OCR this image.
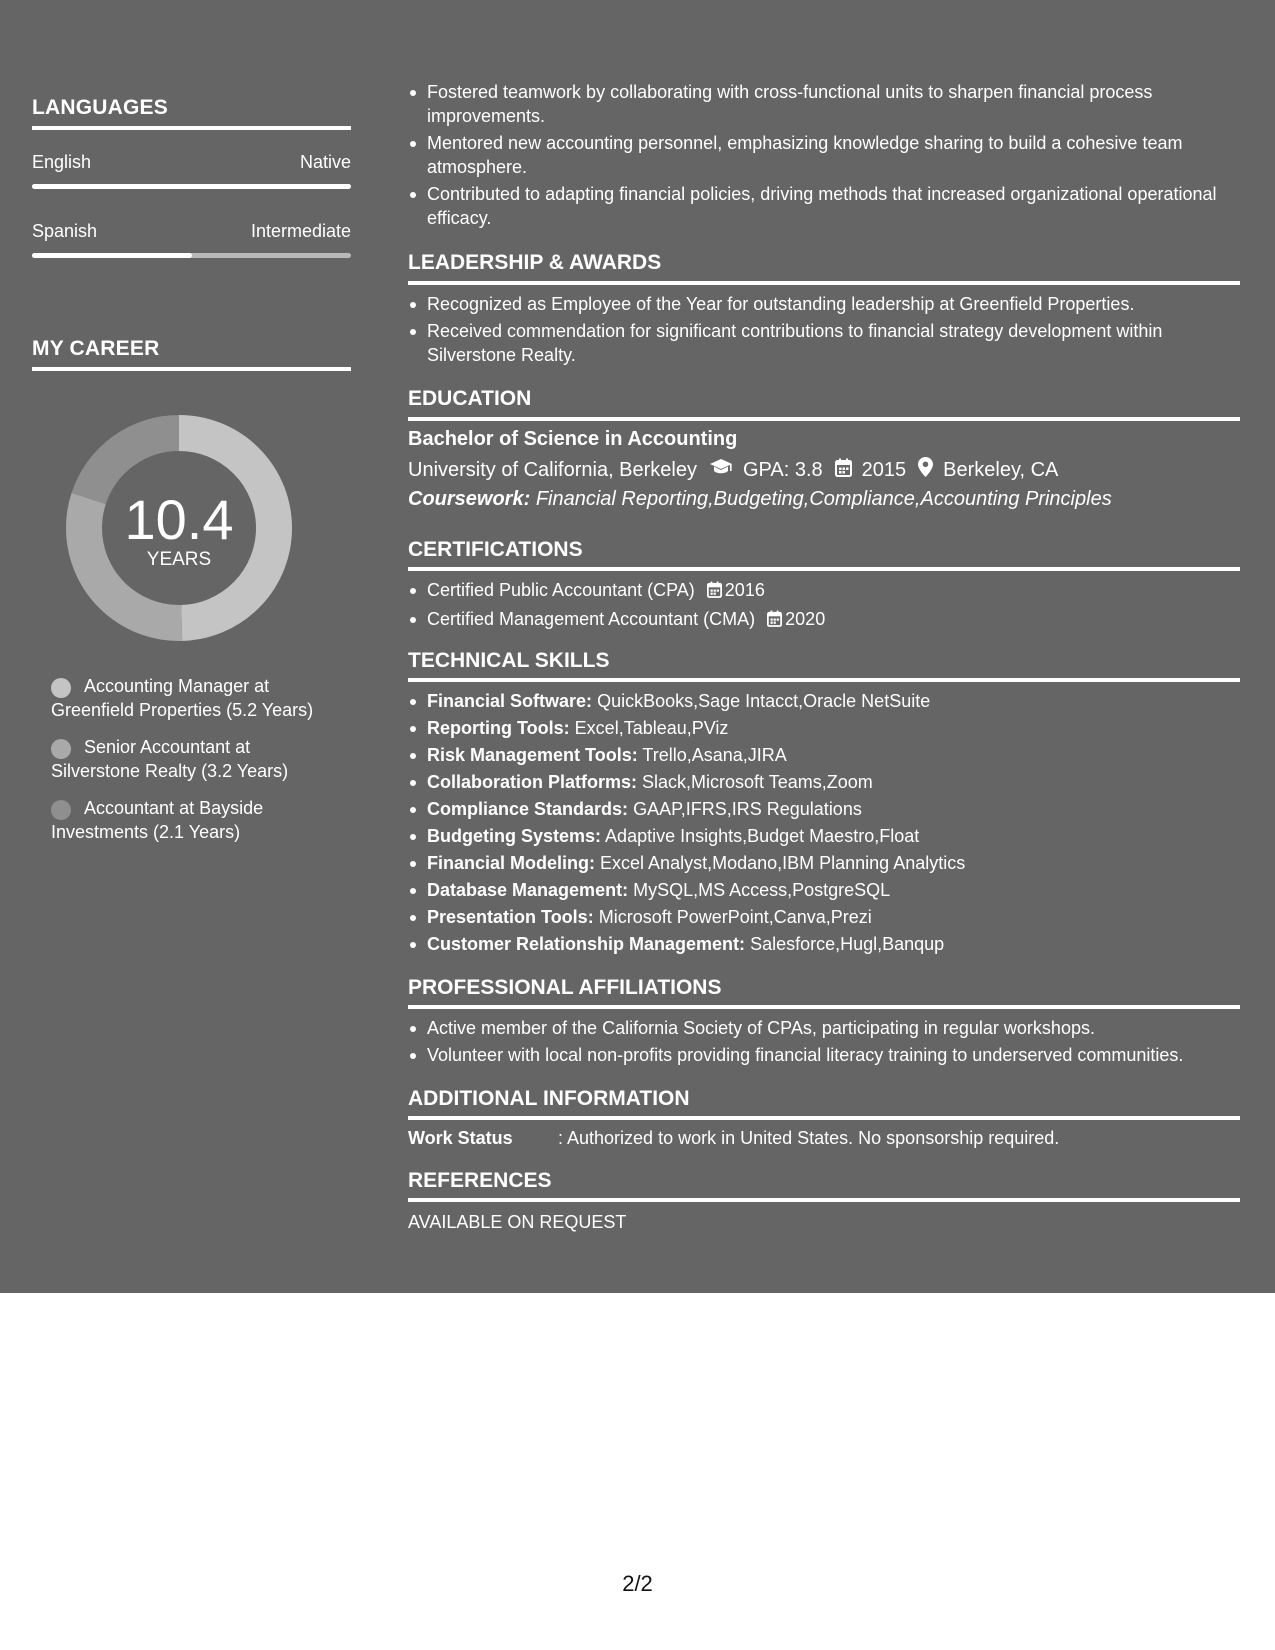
LANGUAGES
English	Native
Spanish	Intermediate
MY CAREER
10.4
YEARS
Accounting Manager at Greenfield Properties (5.2 Years)
Senior Accountant at Silverstone Realty (3.2 Years)
Accountant at Bayside Investments (2.1 Years)
Fostered teamwork by collaborating with cross-functional units to sharpen financial process improvements.
Mentored new accounting personnel, emphasizing knowledge sharing to build a cohesive team atmosphere.
Contributed to adapting financial policies, driving methods that increased organizational operational efficacy.
LEADERSHIP & AWARDS
Recognized as Employee of the Year for outstanding leadership at Greenfield Properties.
Received commendation for significant contributions to financial strategy development within Silverstone Realty.
EDUCATION
Bachelor of Science in Accounting
University of California, Berkeley GPA: 3.8 2015 Berkeley, CA
Coursework: Financial Reporting,Budgeting,Compliance,Accounting Principles
CERTIFICATIONS
Certified Public Accountant (CPA) 2016
Certified Management Accountant (CMA) 2020
TECHNICAL SKILLS
Financial Software: QuickBooks,Sage Intacct,Oracle NetSuite
Reporting Tools: Excel,Tableau,PViz
Risk Management Tools: Trello,Asana,JIRA
Collaboration Platforms: Slack,Microsoft Teams,Zoom
Compliance Standards: GAAP,IFRS,IRS Regulations
Budgeting Systems: Adaptive Insights,Budget Maestro,Float
Financial Modeling: Excel Analyst,Modano,IBM Planning Analytics
Database Management: MySQL,MS Access,PostgreSQL
Presentation Tools: Microsoft PowerPoint,Canva,Prezi
Customer Relationship Management: Salesforce,Hugl,Banqup
PROFESSIONAL AFFILIATIONS
Active member of the California Society of CPAs, participating in regular workshops.
Volunteer with local non-profits providing financial literacy training to underserved communities.
ADDITIONAL INFORMATION
Work Status	: Authorized to work in United States. No sponsorship required.
REFERENCES
AVAILABLE ON REQUEST
2/2
